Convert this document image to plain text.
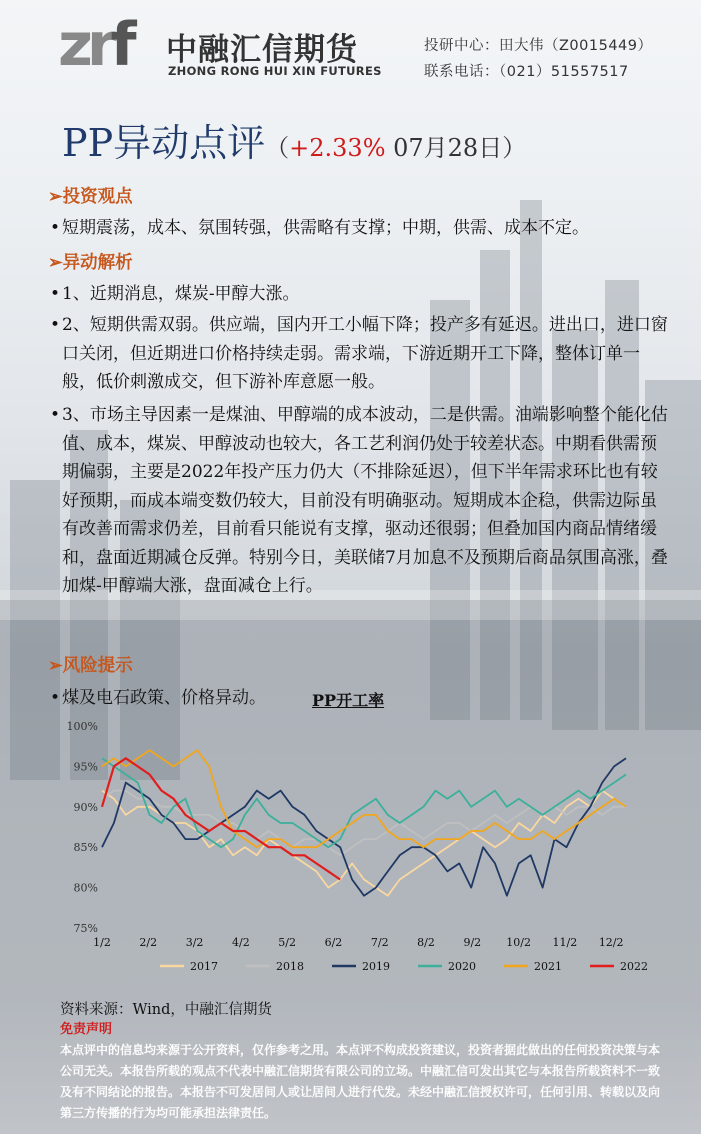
zrf 中融汇信期货
ZHONG RONG HUI XIN FUTURES
投研中心：田大伟（Z0015449）
联系电话：（021）51557517
PP异动点评（+2.33% 07月28日）
➢投资观点
• 短期震荡，成本、氛围转强，供需略有支撑；中期，供需、成本不定。
➢异动解析
• 1、近期消息，煤炭-甲醇大涨。
• 2、短期供需双弱。供应端，国内开工小幅下降；投产多有延迟。进出口，进口窗口关闭，但近期进口价格持续走弱。需求端，下游近期开工下降，整体订单一般，低价刺激成交，但下游补库意愿一般。
• 3、市场主导因素一是煤油、甲醇端的成本波动，二是供需。油端影响整个能化估值、成本，煤炭、甲醇波动也较大，各工艺利润仍处于较差状态。中期看供需预期偏弱，主要是2022年投产压力仍大（不排除延迟），但下半年需求环比也有较好预期，而成本端变数仍较大，目前没有明确驱动。短期成本企稳，供需边际虽有改善而需求仍差，目前看只能说有支撑，驱动还很弱；但叠加国内商品情绪缓和，盘面近期减仓反弹。特别今日，美联储7月加息不及预期后商品氛围高涨，叠加煤-甲醇端大涨，盘面减仓上行。
➢风险提示
• 煤及电石政策、价格异动。	PP开工率
100%
95%
90%
85%
80%
75%
1/2	2/2	3/2	4/2	5/2	6/2	7/2	8/2	9/2 10/2 11/2 12/2
2017	2018	2019	2020	2021	2022
资料来源：Wind，中融汇信期货
免责声明
本点评中的信息均来源于公开资料，仅作参考之用。本点评不构成投资建议，投资者据此做出的任何投资决策与本公司无关。本报告所载的观点不代表中融汇信期货有限公司的立场。中融汇信可发出其它与本报告所载资料不一致及有不同结论的报告。本报告不可发居间人或让居间人进行代发。未经中融汇信授权许可，任何引用、转载以及向第三方传播的行为均可能承担法律责任。
